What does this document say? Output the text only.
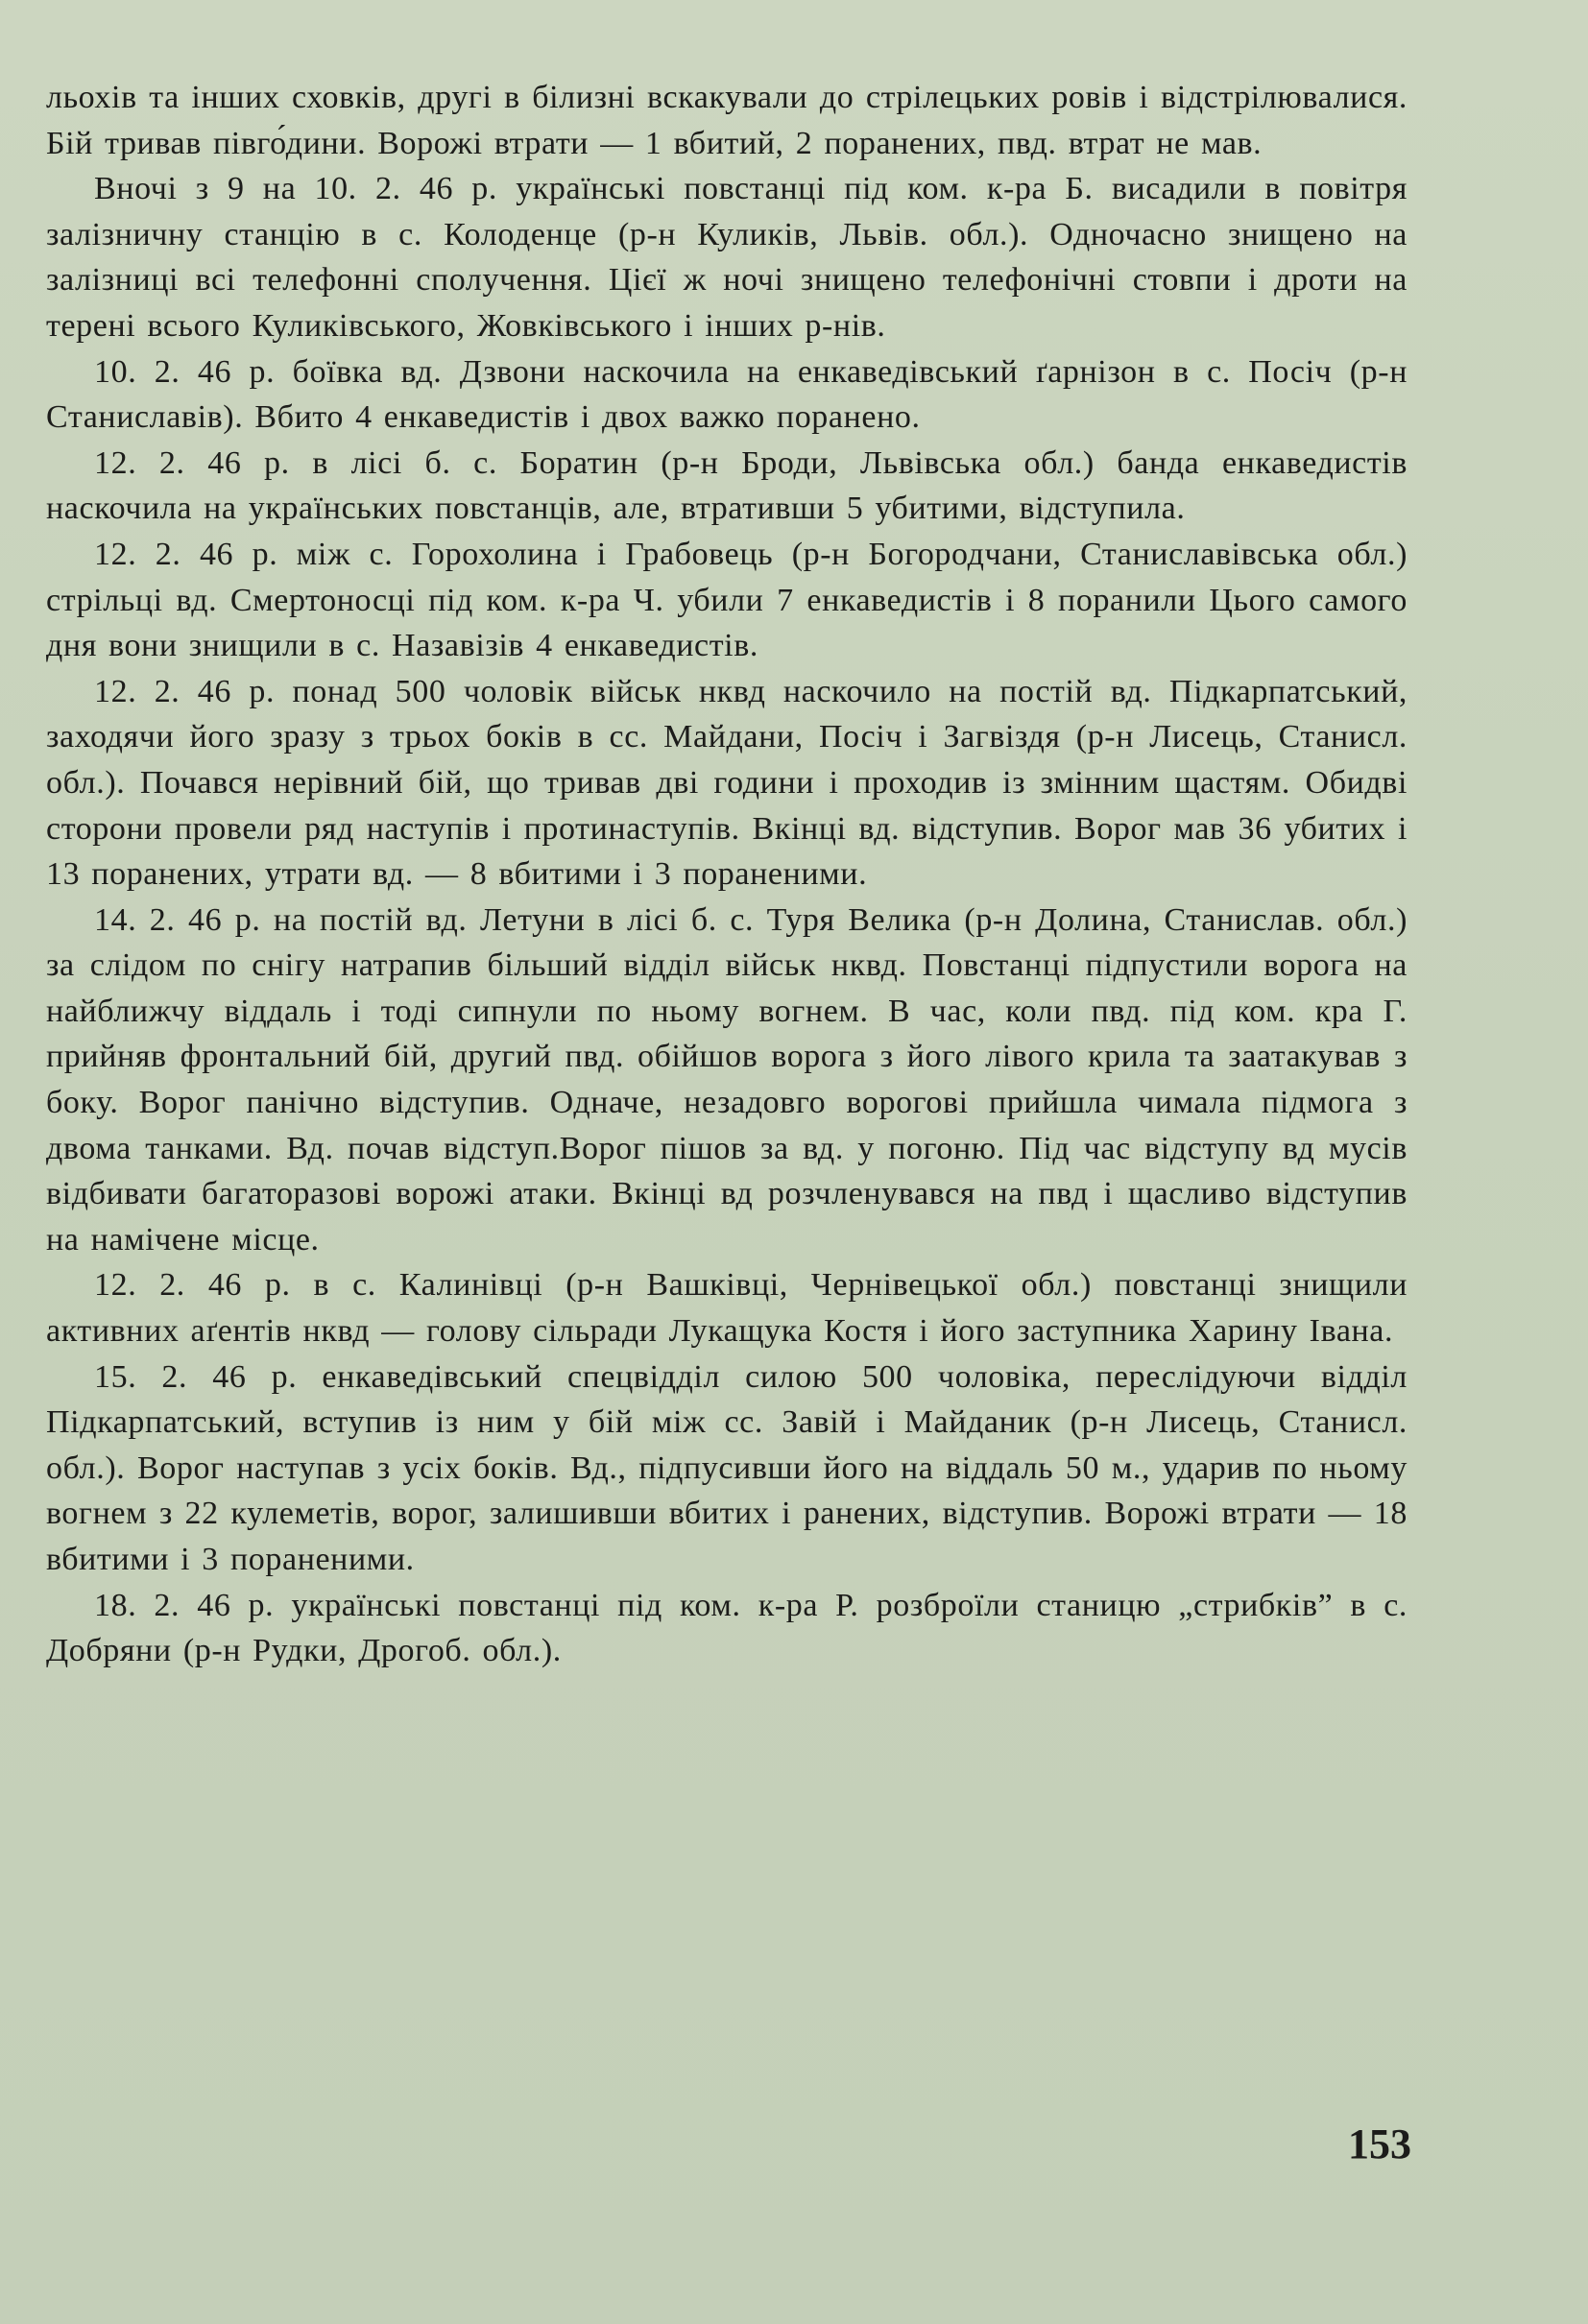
льохів та інших сховків, другі в білизні вскакували до стрілецьких ровів і відстрілювалися. Бій тривав півго́дини. Ворожі втрати — 1 вбитий, 2 поранених, пвд. втрат не мав.

Вночі з 9 на 10. 2. 46 р. українські повстанці під ком. к-ра Б. висадили в повітря залізничну станцію в с. Колоденце (р-н Куликів, Львів. обл.). Одночасно знищено на залізниці всі телефонні сполучення. Цієї ж ночі знищено телефонічні стовпи і дроти на терені всього Куликівського, Жовківського і інших р-нів.

10. 2. 46 р. боївка вд. Дзвони наскочила на енкаведівський ґарнізон в с. Посіч (р-н Станиславів). Вбито 4 енкаведистів і двох важко поранено.

12. 2. 46 р. в лісі б. с. Боратин (р-н Броди, Львівська обл.) банда енкаведистів наскочила на українських повстанців, але, втративши 5 убитими, відступила.

12. 2. 46 р. між с. Горохолина і Грабовець (р-н Богородчани, Станиславівська обл.) стрільці вд. Смертоносці під ком. к-ра Ч. убили 7 енкаведистів і 8 поранили Цього самого дня вони знищили в с. Назавізів 4 енкаведистів.

12. 2. 46 р. понад 500 чоловік військ нквд наскочило на постій вд. Підкарпатський, заходячи його зразу з трьох боків в сс. Майдани, Посіч і Загвіздя (р-н Лисець, Станисл. обл.). Почався нерівний бій, що тривав дві години і проходив із змінним щастям. Обидві сторони провели ряд наступів і протинаступів. Вкінці вд. відступив. Ворог мав 36 убитих і 13 поранених, утрати вд. — 8 вбитими і 3 пораненими.

14. 2. 46 р. на постій вд. Летуни в лісі б. с. Туря Велика (р-н Долина, Станислав. обл.) за слідом по снігу натрапив більший відділ військ нквд. Повстанці підпустили ворога на найближчу віддаль і тоді сипнули по ньому вогнем. В час, коли пвд. під ком. кра Г. прийняв фронтальний бій, другий пвд. обійшов ворога з його лівого крила та заатакував з боку. Ворог панічно відступив. Одначе, незадовго ворогові прийшла чимала підмога з двома танками. Вд. почав відступ.Ворог пішов за вд. у погоню. Під час відступу вд мусів відбивати багаторазові ворожі атаки. Вкінці вд розчленувався на пвд і щасливо відступив на намічене місце.

12. 2. 46 р. в с. Калинівці (р-н Вашківці, Чернівецької обл.) повстанці знищили активних аґентів нквд — голову сільради Лукащука Костя і його заступника Харину Івана.

15. 2. 46 р. енкаведівський спецвідділ силою 500 чоловіка, переслідуючи відділ Підкарпатський, вступив із ним у бій між сс. Завій і Майданик (р-н Лисець, Станисл. обл.). Ворог наступав з усіх боків. Вд., підпусивши його на віддаль 50 м., ударив по ньому вогнем з 22 кулеметів, ворог, залишивши вбитих і ранених, відступив. Ворожі втрати — 18 вбитими і 3 пораненими.

18. 2. 46 р. українські повстанці під ком. к-ра Р. розброїли станицю „стрибків” в с. Добряни (р-н Рудки, Дрогоб. обл.).

153
